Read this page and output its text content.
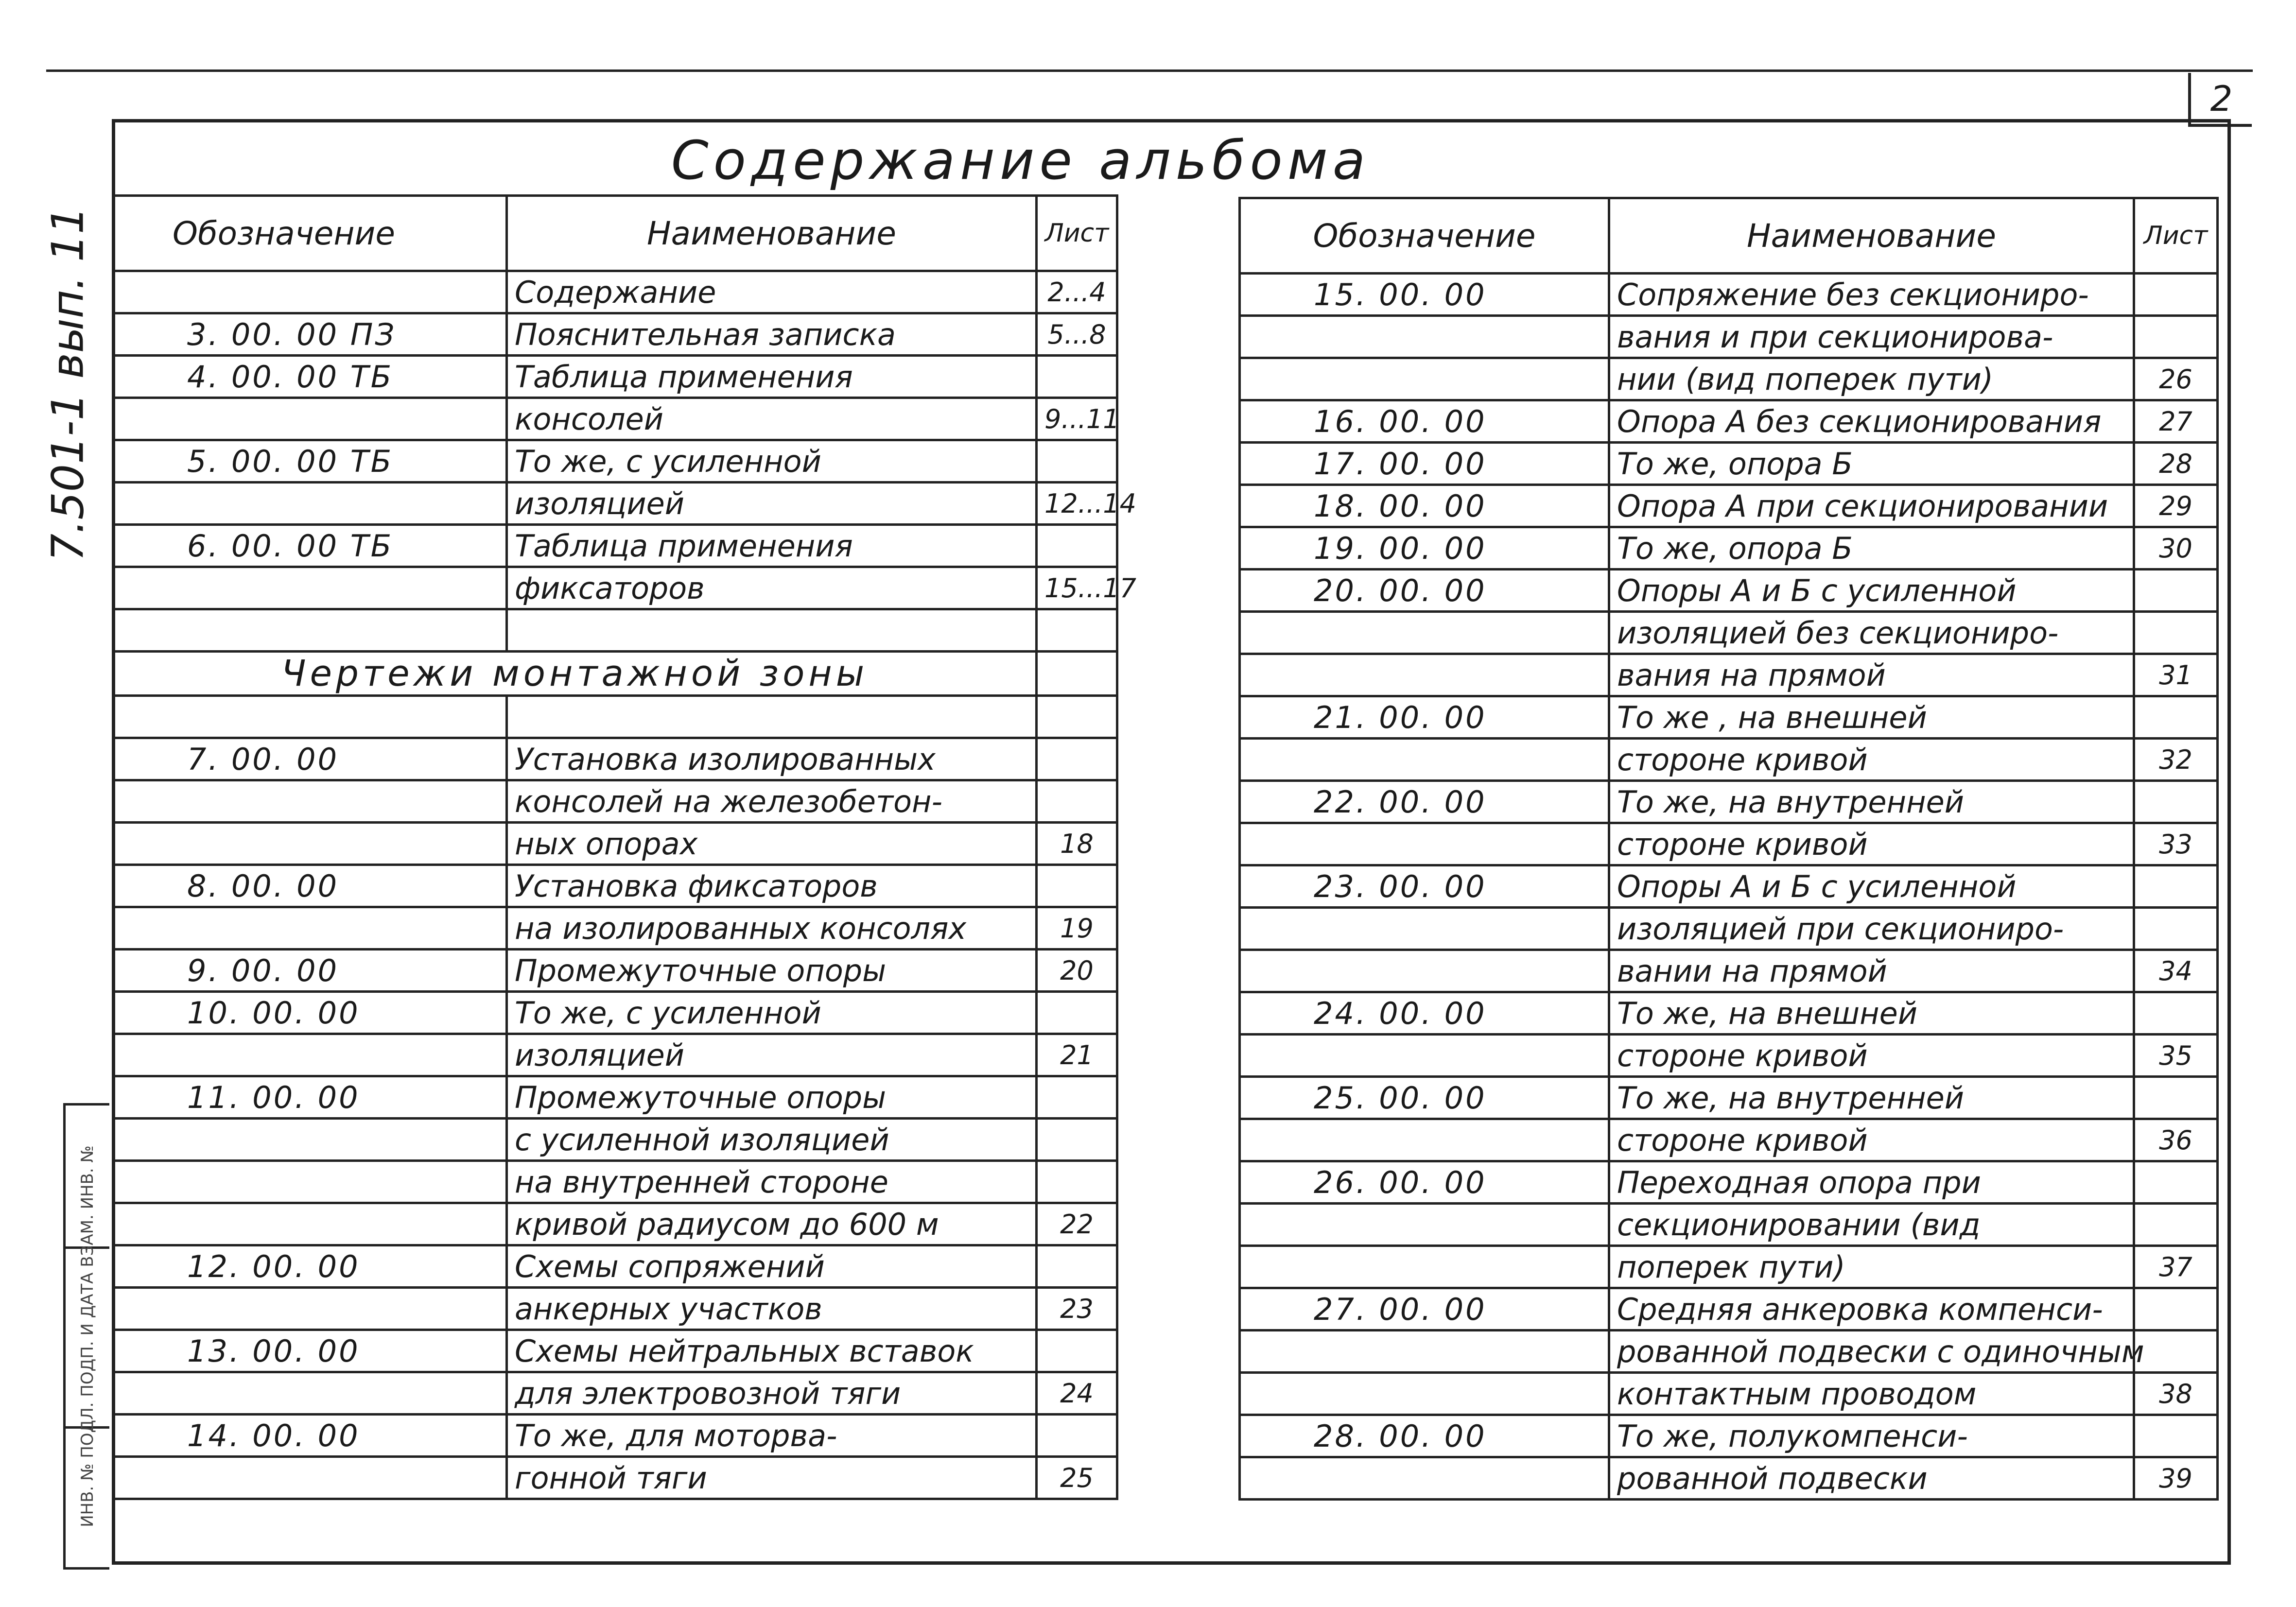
2
Содержание альбома
7.501-1 вып. 11
ИНВ. № ПОДЛ. ПОДП. И ДАТА ВЗАМ. ИНВ. №
Обозначение	Наименование	Лист
	Содержание	2...4
3. 00. 00 ПЗ	Пояснительная записка	5...8
4. 00. 00 ТБ	Таблица применения	
	консолей	9...11
5. 00. 00 ТБ	То же, с усиленной	
	изоляцией	12...14
6. 00. 00 ТБ	Таблица применения	
	фиксаторов	15...17

Чертежи монтажной зоны		

7. 00. 00	Установка изолированных	
	консолей на железобетон-	
	ных опорах	18
8. 00. 00	Установка фиксаторов	
	на изолированных консолях	19
9. 00. 00	Промежуточные опоры	20
10. 00. 00	То же, с усиленной	
	изоляцией	21
11. 00. 00	Промежуточные опоры	
	с усиленной изоляцией	
	на внутренней стороне	
	кривой радиусом до 600 м	22
12. 00. 00	Схемы сопряжений	
	анкерных участков	23
13. 00. 00	Схемы нейтральных вставок	
	для электровозной тяги	24
14. 00. 00	То же, для моторва-	
	гонной тяги	25
Обозначение	Наименование	Лист
15. 00. 00	Сопряжение без секциониро-	
	вания и при секционирова-	
	нии (вид поперек пути)	26
16. 00. 00	Опора А без секционирования	27
17. 00. 00	То же, опора Б	28
18. 00. 00	Опора А при секционировании	29
19. 00. 00	То же, опора Б	30
20. 00. 00	Опоры А и Б с усиленной	
	изоляцией без секциониро-	
	вания на прямой	31
21. 00. 00	То же , на внешней	
	стороне кривой	32
22. 00. 00	То же, на внутренней	
	стороне кривой	33
23. 00. 00	Опоры А и Б с усиленной	
	изоляцией при секциониро-	
	вании на прямой	34
24. 00. 00	То же, на внешней	
	стороне кривой	35
25. 00. 00	То же, на внутренней	
	стороне кривой	36
26. 00. 00	Переходная опора при	
	секционировании (вид	
	поперек пути)	37
27. 00. 00	Средняя анкеровка компенси-	
	рованной подвески с одиночным	
	контактным проводом	38
28. 00. 00	То же, полукомпенси-	
	рованной подвески	39
